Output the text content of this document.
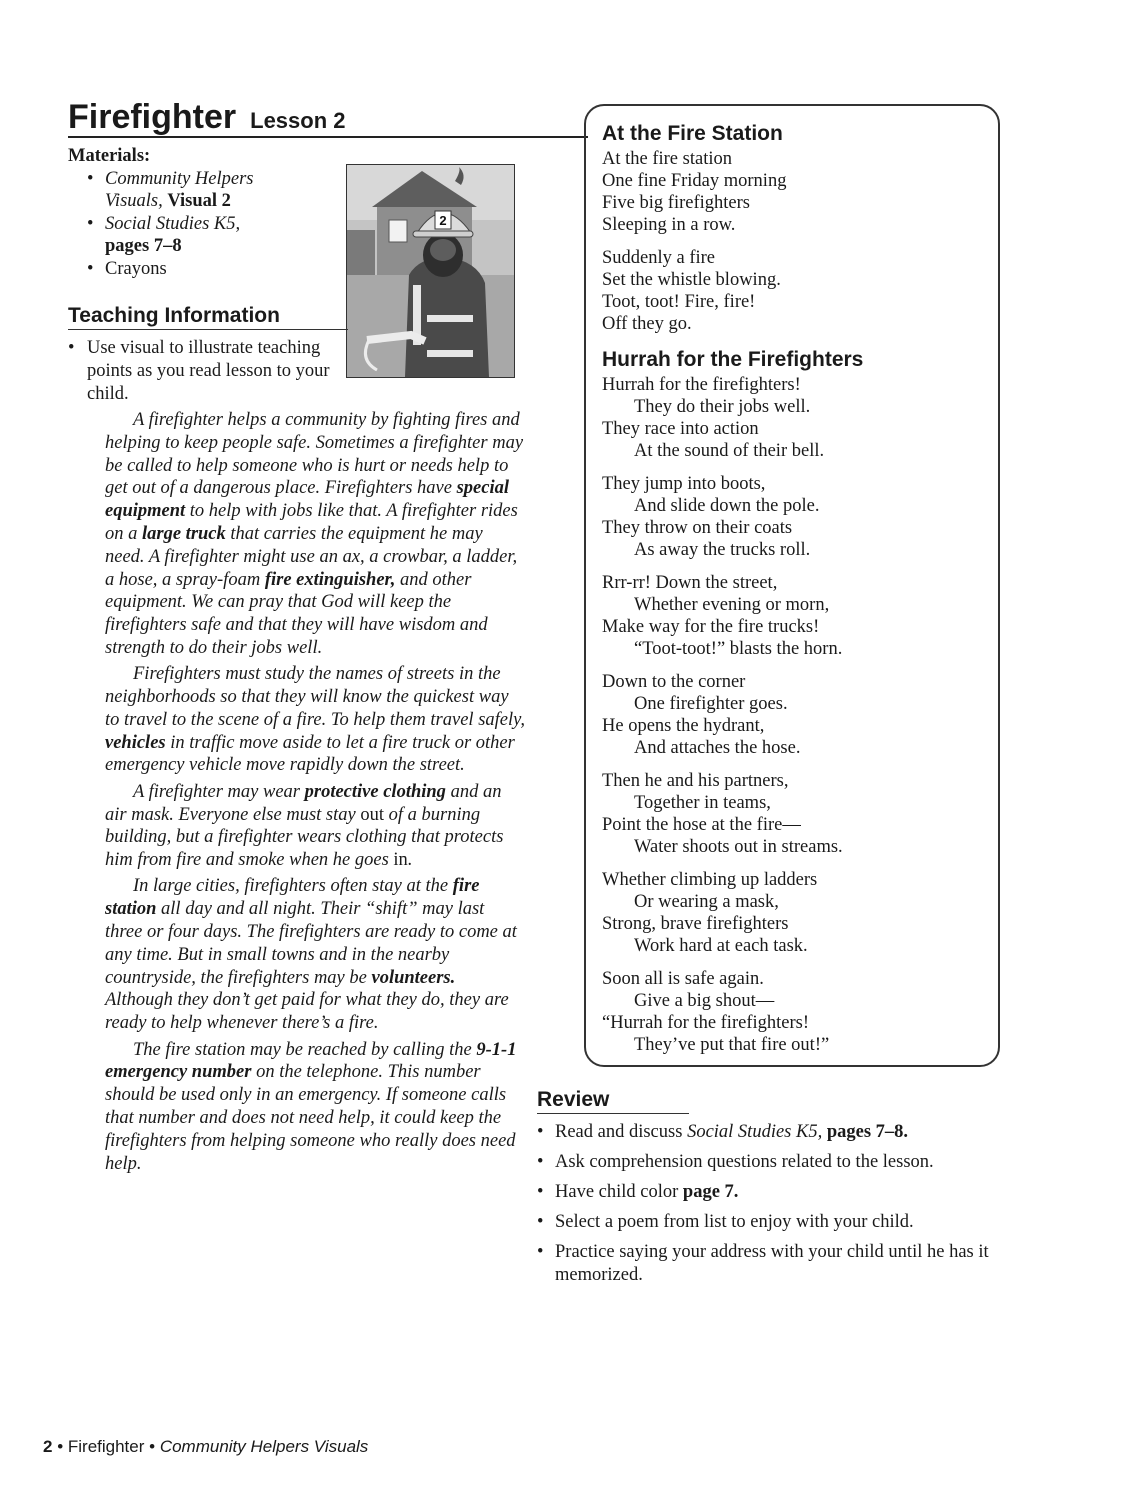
Firefighter Lesson 2
Materials:
• Community Helpers
Visuals, Visual 2
• Social Studies K5,
pages 7–8
• Crayons
2
Teaching Information
• Use visual to illustrate teaching points as you read lesson to your child.

A firefighter helps a community by fighting fires and helping to keep people safe. Sometimes a firefighter may be called to help someone who is hurt or needs help to get out of a dangerous place. Firefighters have special equipment to help with jobs like that. A firefighter rides on a large truck that carries the equipment he may need. A firefighter might use an ax, a crowbar, a ladder, a hose, a spray-foam fire extinguisher, and other equipment. We can pray that God will keep the firefighters safe and that they will have wisdom and strength to do their jobs well.

Firefighters must study the names of streets in the neighborhoods so that they will know the quickest way to travel to the scene of a fire. To help them travel safely, vehicles in traffic move aside to let a fire truck or other emergency vehicle move rapidly down the street.

A firefighter may wear protective clothing and an air mask. Everyone else must stay out of a burning building, but a firefighter wears clothing that protects him from fire and smoke when he goes in.

In large cities, firefighters often stay at the fire station all day and all night. Their “shift” may last three or four days. The firefighters are ready to come at any time. But in small towns and in the nearby countryside, the firefighters may be volunteers. Although they don’t get paid for what they do, they are ready to help whenever there’s a fire.

The fire station may be reached by calling the 9-1-1 emergency number on the telephone. This number should be used only in an emergency. If someone calls that number and does not need help, it could keep the firefighters from helping someone who really does need help.

At the Fire Station
At the fire station
One fine Friday morning
Five big firefighters
Sleeping in a row.
Suddenly a fire
Set the whistle blowing.
Toot, toot! Fire, fire!
Off they go.
Hurrah for the Firefighters
Hurrah for the firefighters!
They do their jobs well.
They race into action
At the sound of their bell.
They jump into boots,
And slide down the pole.
They throw on their coats
As away the trucks roll.
Rrr-rr! Down the street,
Whether evening or morn,
Make way for the fire trucks!
“Toot-toot!” blasts the horn.
Down to the corner
One firefighter goes.
He opens the hydrant,
And attaches the hose.
Then he and his partners,
Together in teams,
Point the hose at the fire—
Water shoots out in streams.
Whether climbing up ladders
Or wearing a mask,
Strong, brave firefighters
Work hard at each task.
Soon all is safe again.
Give a big shout—
“Hurrah for the firefighters!
They’ve put that fire out!”
Review
• Read and discuss Social Studies K5, pages 7–8.
• Ask comprehension questions related to the lesson.
• Have child color page 7.
• Select a poem from list to enjoy with your child.
• Practice saying your address with your child until he has it memorized.
2 • Firefighter • Community Helpers Visuals
